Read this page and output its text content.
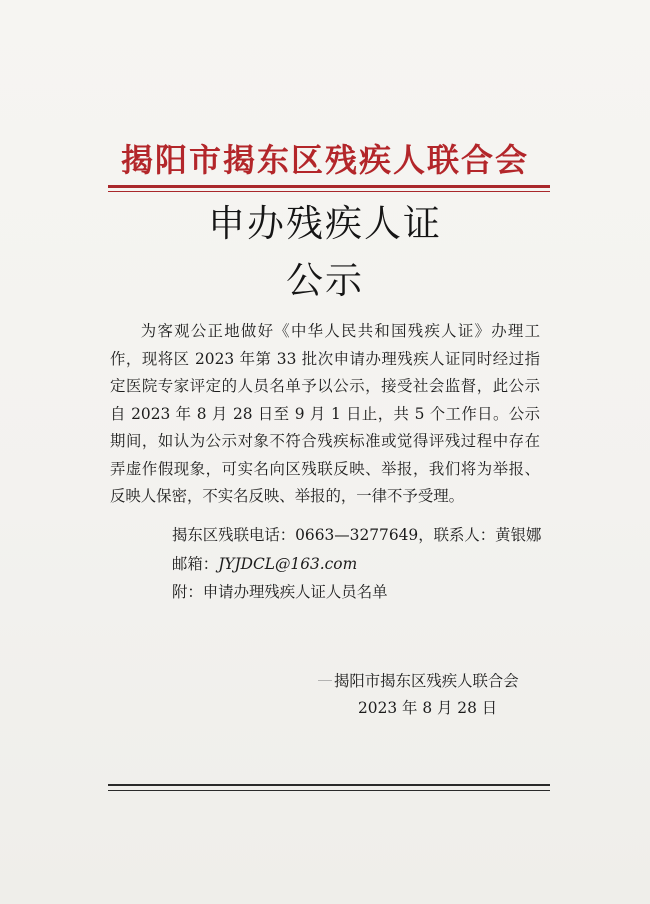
揭阳市揭东区残疾人联合会
申办残疾人证
公示

为客观公正地做好《中华人民共和国残疾人证》办理工作，现将区 2023 年第 33 批次申请办理残疾人证同时经过指定医院专家评定的人员名单予以公示，接受社会监督，此公示自 2023 年 8 月 28 日至 9 月 1 日止，共 5 个工作日。公示期间，如认为公示对象不符合残疾标准或觉得评残过程中存在弄虚作假现象，可实名向区残联反映、举报，我们将为举报、反映人保密，不实名反映、举报的，一律不予受理。

揭东区残联电话：0663—3277649，联系人：黄银娜
邮箱：JYJDCL@163.com
附：申请办理残疾人证人员名单
揭阳市揭东区残疾人联合会
2023 年 8 月 28 日
